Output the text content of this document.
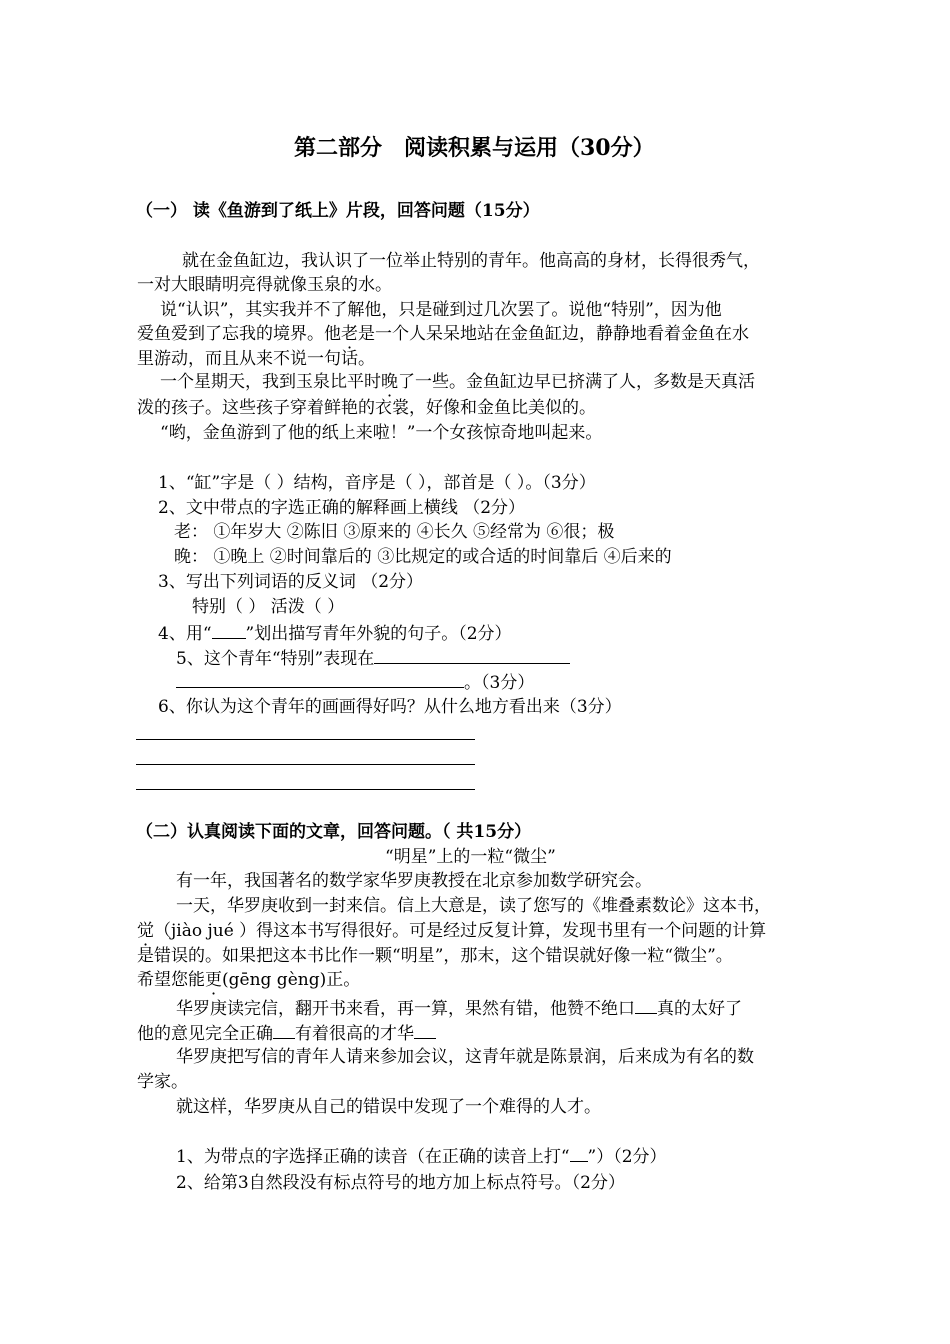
第二部分　阅读积累与运用（30分）
（一） 读《鱼游到了纸上》片段，回答问题（15分）
就在金鱼缸边，我认识了一位举止特别的青年。他高高的身材，长得很秀气，
一对大眼睛明亮得就像玉泉的水。
说“认识”，其实我并不了解他，只是碰到过几次罢了。说他“特别”，因为他
爱鱼爱到了忘我的境界。他老是一个人呆呆地站在金鱼缸边，静静地看着金鱼在水
里游动，而且从来不说一句话。
一个星期天，我到玉泉比平时晚了一些。金鱼缸边早已挤满了人，多数是天真活
泼的孩子。这些孩子穿着鲜艳的衣裳，好像和金鱼比美似的。
“哟，金鱼游到了他的纸上来啦！”一个女孩惊奇地叫起来。
1、“缸”字是（ ）结构，音序是（ ），部首是（ ）。（3分）
2、文中带点的字选正确的解释画上横线 （2分）
老： ①年岁大 ②陈旧 ③原来的 ④长久 ⑤经常为 ⑥很；极
晚： ①晚上 ②时间靠后的 ③比规定的或合适的时间靠后 ④后来的
3、写出下列词语的反义词 （2分）
特别（ ） 活泼（ ）
4、用“ ”划出描写青年外貌的句子。（2分）
5、这个青年“特别”表现在
。（3分）
6、你认为这个青年的画画得好吗？从什么地方看出来（3分）
（二）认真阅读下面的文章，回答问题。（ 共15分）
“明星”上的一粒“微尘”
有一年，我国著名的数学家华罗庚教授在北京参加数学研究会。
一天，华罗庚收到一封来信。信上大意是，读了您写的《堆叠素数论》这本书，
觉（jiào jué ）得这本书写得很好。可是经过反复计算，发现书里有一个问题的计算
是错误的。如果把这本书比作一颗“明星”，那末，这个错误就好像一粒“微尘”。
希望您能更(gēng gèng)正。
华罗庚读完信，翻开书来看，再一算，果然有错，他赞不绝口 真的太好了
他的意见完全正确 有着很高的才华
华罗庚把写信的青年人请来参加会议，这青年就是陈景润，后来成为有名的数
学家。
就这样，华罗庚从自己的错误中发现了一个难得的人才。
1、为带点的字选择正确的读音（在正确的读音上打“ ”）（2分）
2、给第3自然段没有标点符号的地方加上标点符号。（2分）
